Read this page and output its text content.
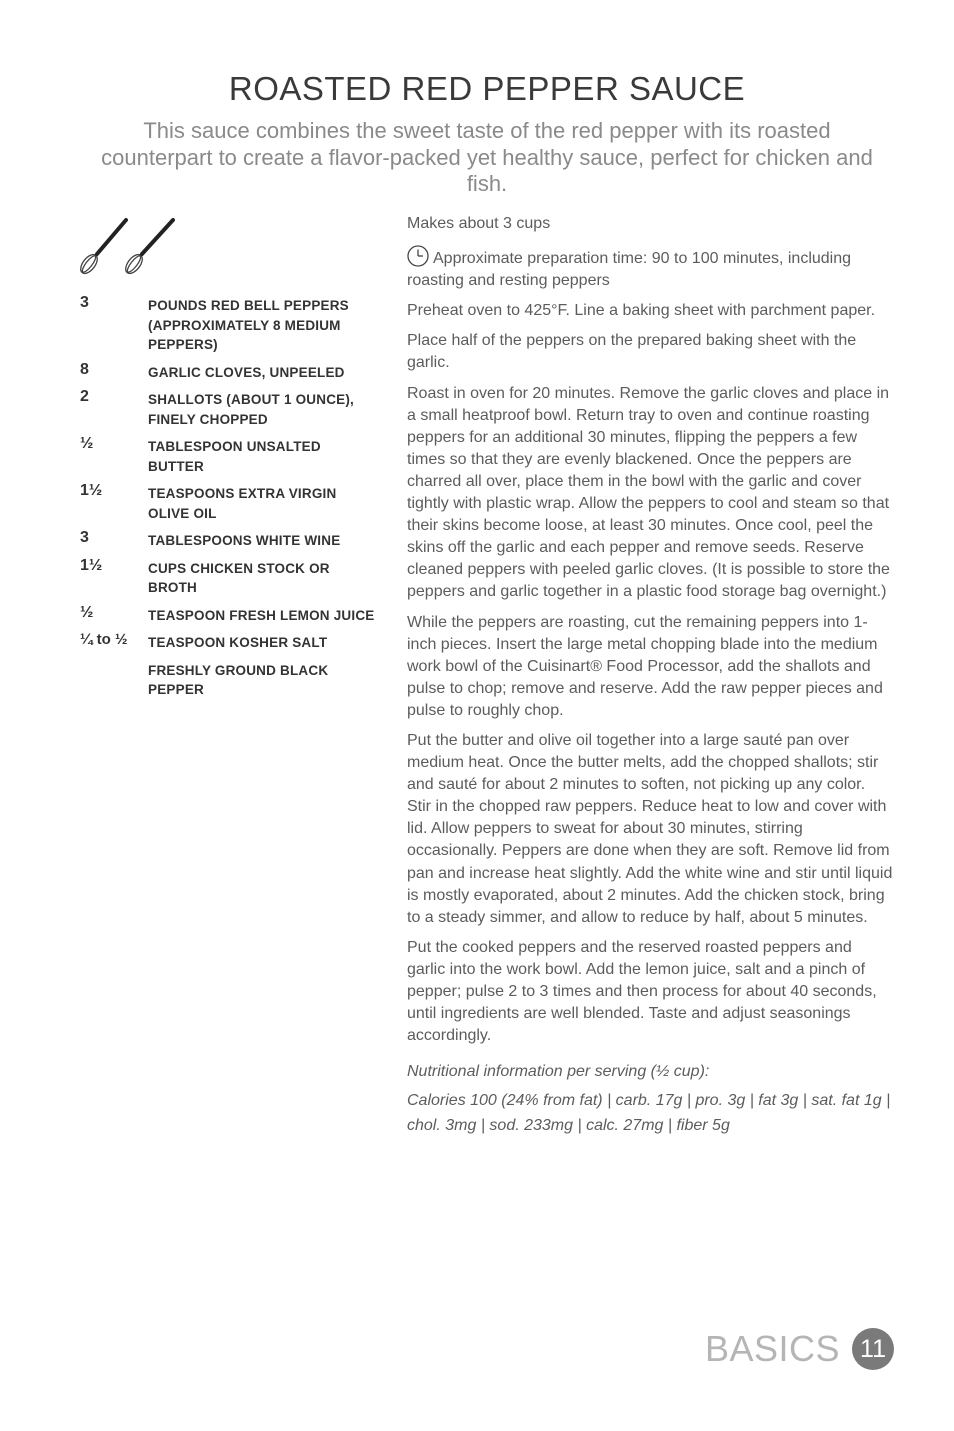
ROASTED RED PEPPER SAUCE
This sauce combines the sweet taste of the red pepper with its roasted counterpart to create a flavor-packed yet healthy sauce, perfect for chicken and fish.
3	POUNDS RED BELL PEPPERS (APPROXIMATELY 8 MEDIUM PEPPERS)
8	GARLIC CLOVES, UNPEELED
2	SHALLOTS (ABOUT 1 OUNCE), FINELY CHOPPED
½	TABLESPOON UNSALTED BUTTER
1½	TEASPOONS EXTRA VIRGIN OLIVE OIL
3	TABLESPOONS WHITE WINE
1½	CUPS CHICKEN STOCK OR BROTH
½	TEASPOON FRESH LEMON JUICE
¼ to ½ TEASPOON KOSHER SALT
FRESHLY GROUND BLACK PEPPER

Makes about 3 cups

Approximate preparation time: 90 to 100 minutes, including roasting and resting peppers

Preheat oven to 425°F. Line a baking sheet with parchment paper.

Place half of the peppers on the prepared baking sheet with the garlic.

Roast in oven for 20 minutes. Remove the garlic cloves and place in a small heatproof bowl. Return tray to oven and continue roasting peppers for an additional 30 minutes, flipping the peppers a few times so that they are evenly blackened. Once the peppers are charred all over, place them in the bowl with the garlic and cover tightly with plastic wrap. Allow the peppers to cool and steam so that their skins become loose, at least 30 minutes. Once cool, peel the skins off the garlic and each pepper and remove seeds. Reserve cleaned peppers with peeled garlic cloves. (It is possible to store the peppers and garlic together in a plastic food storage bag overnight.)

While the peppers are roasting, cut the remaining peppers into 1-inch pieces. Insert the large metal chopping blade into the medium work bowl of the Cuisinart® Food Processor, add the shallots and pulse to chop; remove and reserve. Add the raw pepper pieces and pulse to roughly chop.

Put the butter and olive oil together into a large sauté pan over medium heat. Once the butter melts, add the chopped shallots; stir and sauté for about 2 minutes to soften, not picking up any color. Stir in the chopped raw peppers. Reduce heat to low and cover with lid. Allow peppers to sweat for about 30 minutes, stirring occasionally. Peppers are done when they are soft. Remove lid from pan and increase heat slightly. Add the white wine and stir until liquid is mostly evaporated, about 2 minutes. Add the chicken stock, bring to a steady simmer, and allow to reduce by half, about 5 minutes.

Put the cooked peppers and the reserved roasted peppers and garlic into the work bowl. Add the lemon juice, salt and a pinch of pepper; pulse 2 to 3 times and then process for about 40 seconds, until ingredients are well blended. Taste and adjust seasonings accordingly.

Nutritional information per serving (½ cup):

Calories 100 (24% from fat) | carb. 17g | pro. 3g | fat 3g | sat. fat 1g | chol. 3mg | sod. 233mg | calc. 27mg | fiber 5g

BASICS 11
